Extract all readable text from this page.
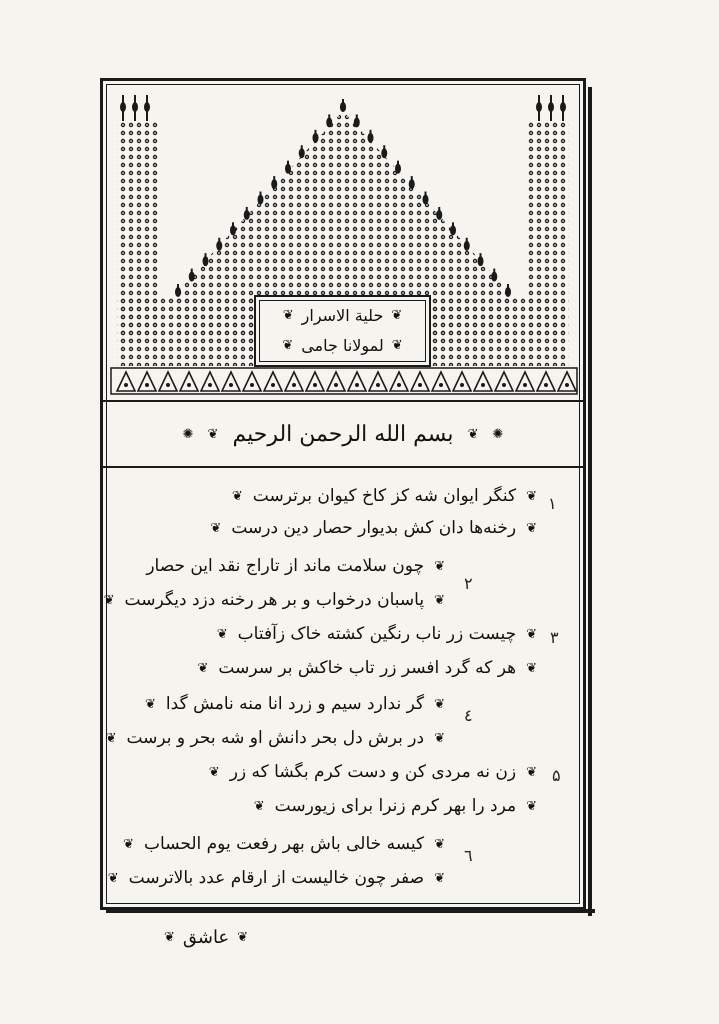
❦
حلیة الاسرار
❦
❦
لمولانا جامی
❦
✺
❦
بسم الله الرحمن الرحیم
❦
✺
۱
❦
کنگر ایوان شه کز کاخ کیوان برترست
❦
❦
رخنه‌ها دان کش بدیوار حصار دین درست
❦
۲
❦
چون سلامت ماند از تاراج نقد این حصار
❦
پاسبان درخواب و بر هر رخنه دزد دیگرست
❦
۳
❦
چیست زر ناب رنگین کشته خاک زآفتاب
❦
❦
هر که گرد افسر زر تاب خاکش بر سرست
❦
٤
❦
گر ندارد سیم و زرد انا منه نامش گدا
❦
❦
در برش دل بحر دانش او شه بحر و برست
❦
۵
❦
زن نه مردی کن و دست کرم بگشا که زر
❦
❦
مرد را بهر کرم زنرا برای زیورست
❦
٦
❦
کیسه خالی باش بهر رفعت یوم الحساب
❦
❦
صفر چون خالیست از ارقام عدد بالاترست
❦
❦
عاشق
❦
